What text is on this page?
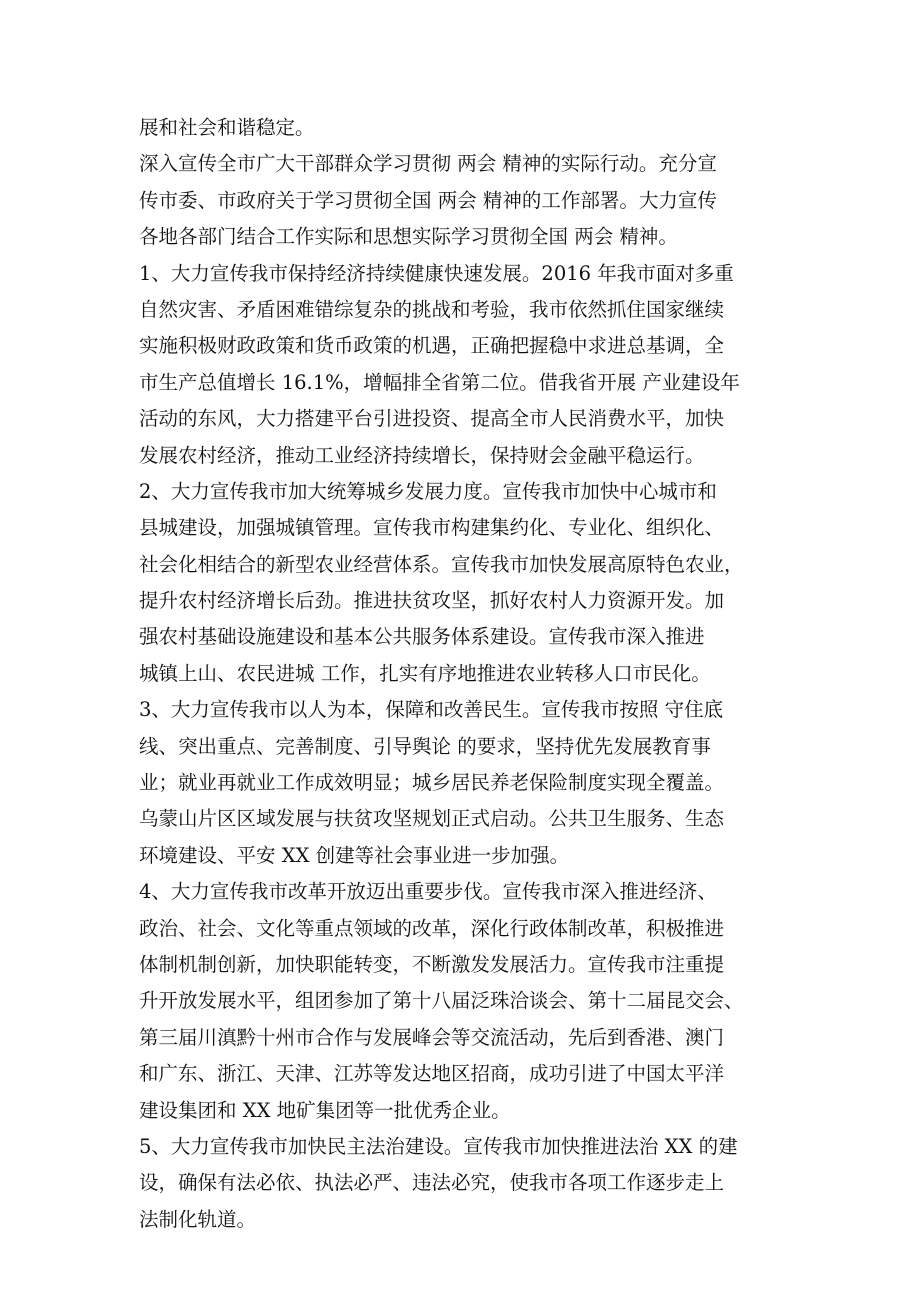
展和社会和谐稳定。
深入宣传全市广大干部群众学习贯彻 两会 精神的实际行动。充分宣
传市委、市政府关于学习贯彻全国 两会 精神的工作部署。大力宣传
各地各部门结合工作实际和思想实际学习贯彻全国 两会 精神。
1、大力宣传我市保持经济持续健康快速发展。2016 年我市面对多重
自然灾害、矛盾困难错综复杂的挑战和考验，我市依然抓住国家继续
实施积极财政政策和货币政策的机遇，正确把握稳中求进总基调，全
市生产总值增长 16.1%，增幅排全省第二位。借我省开展 产业建设年
活动的东风，大力搭建平台引进投资、提高全市人民消费水平，加快
发展农村经济，推动工业经济持续增长，保持财会金融平稳运行。
2、大力宣传我市加大统筹城乡发展力度。宣传我市加快中心城市和
县城建设，加强城镇管理。宣传我市构建集约化、专业化、组织化、
社会化相结合的新型农业经营体系。宣传我市加快发展高原特色农业，
提升农村经济增长后劲。推进扶贫攻坚，抓好农村人力资源开发。加
强农村基础设施建设和基本公共服务体系建设。宣传我市深入推进
城镇上山、农民进城 工作，扎实有序地推进农业转移人口市民化。
3、大力宣传我市以人为本，保障和改善民生。宣传我市按照 守住底
线、突出重点、完善制度、引导舆论 的要求，坚持优先发展教育事
业；就业再就业工作成效明显；城乡居民养老保险制度实现全覆盖。
乌蒙山片区区域发展与扶贫攻坚规划正式启动。公共卫生服务、生态
环境建设、平安 XX 创建等社会事业进一步加强。
4、大力宣传我市改革开放迈出重要步伐。宣传我市深入推进经济、
政治、社会、文化等重点领域的改革，深化行政体制改革，积极推进
体制机制创新，加快职能转变，不断激发发展活力。宣传我市注重提
升开放发展水平，组团参加了第十八届泛珠洽谈会、第十二届昆交会、
第三届川滇黔十州市合作与发展峰会等交流活动，先后到香港、澳门
和广东、浙江、天津、江苏等发达地区招商，成功引进了中国太平洋
建设集团和 XX 地矿集团等一批优秀企业。
5、大力宣传我市加快民主法治建设。宣传我市加快推进法治 XX 的建
设，确保有法必依、执法必严、违法必究，使我市各项工作逐步走上
法制化轨道。
